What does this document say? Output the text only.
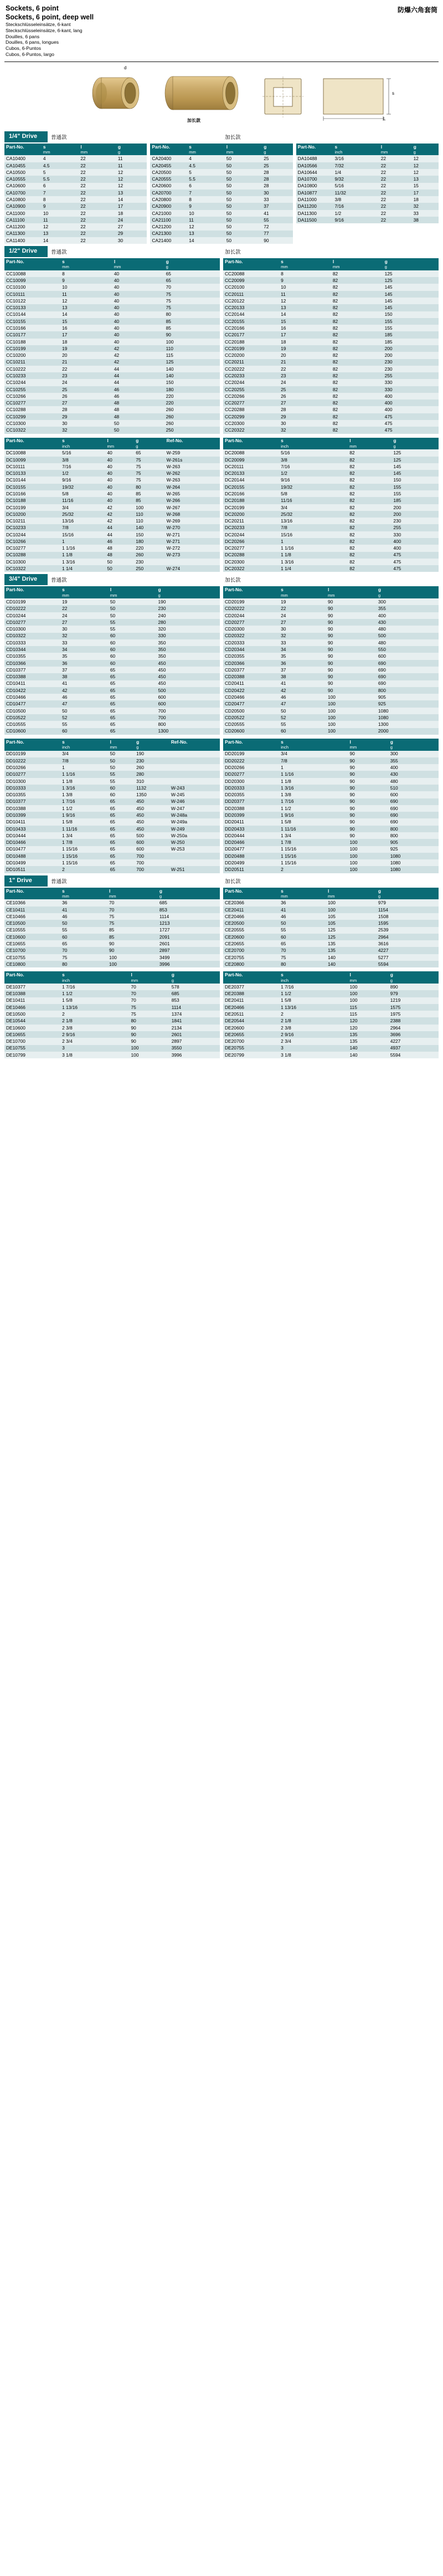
Sockets, 6 point
Sockets, 6 point, deep well
Steckschlüsseleinsätze, 6-kant
Steckschlüsseleinsätze, 6-kant, lang
Douilles, 6 pans
Douilles, 6 pans, longues
Cubos, 6-Puntos
Cubos, 6-Puntos, largo
防爆六角套筒
d
加长款	L
s
1/4" Drive	普通款	加长款
Part-No.	s	l	g
	mm	mm	g
CA10400	4	22	11
CA10455	4.5	22	11
CA10500	5	22	12
CA10555	5.5	22	12
CA10600	6	22	12
CA10700	7	22	13
CA10800	8	22	14
CA10900	9	22	17
CA11000	10	22	18
CA11100	11	22	24
CA11200	12	22	27
CA11300	13	22	29
CA11400	14	22	30
Part-No.	s	l	g
	mm	mm	g
CA20400	4	50	25
CA20455	4.5	50	25
CA20500	5	50	28
CA20555	5.5	50	28
CA20600	6	50	28
CA20700	7	50	30
CA20800	8	50	33
CA20900	9	50	37
CA21000	10	50	41
CA21100	11	50	55
CA21200	12	50	72
CA21300	13	50	77
CA21400	14	50	90
Part-No.	s	l	g
	inch	mm	g
DA10488	3/16	22	12
DA10566	7/32	22	12
DA10644	1/4	22	12
DA10700	9/32	22	13
DA10800	5/16	22	15
DA10877	11/32	22	17
DA11000	3/8	22	18
DA11200	7/16	22	32
DA11300	1/2	22	33
DA11500	9/16	22	38
1/2" Drive	普通款	加长款
Part-No.	s	l	g
	mm	mm	g
CC10088	8	40	65
CC10099	9	40	65
CC10100	10	40	70
CC10111	11	40	75
CC10122	12	40	75
CC10133	13	40	75
CC10144	14	40	80
CC10155	15	40	85
CC10166	16	40	85
CC10177	17	40	90
CC10188	18	40	100
CC10199	19	42	110
CC10200	20	42	115
CC10211	21	42	125
CC10222	22	44	140
CC10233	23	44	140
CC10244	24	44	150
CC10255	25	46	180
CC10266	26	46	220
CC10277	27	48	220
CC10288	28	48	260
CC10299	29	48	260
CC10300	30	50	260
CC10322	32	50	250
Part-No.	s	l	g
	mm	mm	g
CC20088	8	82	125
CC20099	9	82	125
CC20100	10	82	145
CC20111	11	82	145
CC20122	12	82	145
CC20133	13	82	145
CC20144	14	82	150
CC20155	15	82	155
CC20166	16	82	155
CC20177	17	82	185
CC20188	18	82	185
CC20199	19	82	200
CC20200	20	82	200
CC20211	21	82	230
CC20222	22	82	230
CC20233	23	82	255
CC20244	24	82	330
CC20255	25	82	330
CC20266	26	82	400
CC20277	27	82	400
CC20288	28	82	400
CC20299	29	82	475
CC20300	30	82	475
CC20322	32	82	475
Part-No.	s	l	g	Ref-No.
	inch	mm	g	
DC10088	5/16	40	65	W-259
DC10099	3/8	40	75	W-261s
DC10111	7/16	40	75	W-263
DC10133	1/2	40	75	W-262
DC10144	9/16	40	75	W-263
DC10155	19/32	40	80	W-264
DC10166	5/8	40	85	W-265
DC10188	11/16	40	85	W-266
DC10199	3/4	42	100	W-267
DC10200	25/32	42	110	W-268
DC10211	13/16	42	110	W-269
DC10233	7/8	44	140	W-270
DC10244	15/16	44	150	W-271
DC10266	1	46	180	W-271
DC10277	1 1/16	48	220	W-272
DC10288	1 1/8	48	260	W-273
DC10300	1 3/16	50	230	
DC10322	1 1/4	50	250	W-274
Part-No.	s	l	g
	inch	mm	g
DC20088	5/16	82	125
DC20099	3/8	82	125
DC20111	7/16	82	145
DC20133	1/2	82	145
DC20144	9/16	82	150
DC20155	19/32	82	155
DC20166	5/8	82	155
DC20188	11/16	82	185
DC20199	3/4	82	200
DC20200	25/32	82	200
DC20211	13/16	82	230
DC20233	7/8	82	255
DC20244	15/16	82	330
DC20266	1	82	400
DC20277	1 1/16	82	400
DC20288	1 1/8	82	475
DC20300	1 3/16	82	475
DC20322	1 1/4	82	475
3/4" Drive	普通款	加长款
Part-No.	s	l	g
	mm	mm	g
CD10199	19	50	190
CD10222	22	50	230
CD10244	24	50	240
CD10277	27	55	280
CD10300	30	55	320
CD10322	32	60	330
CD10333	33	60	350
CD10344	34	60	350
CD10355	35	60	350
CD10366	36	60	450
CD10377	37	65	450
CD10388	38	65	450
CD10411	41	65	450
CD10422	42	65	500
CD10466	46	65	600
CD10477	47	65	600
CD10500	50	65	700
CD10522	52	65	700
CD10555	55	65	800
CD10600	60	65	1300
Part-No.	s	l	g
	mm	mm	g
CD20199	19	90	300
CD20222	22	90	355
CD20244	24	90	400
CD20277	27	90	430
CD20300	30	90	480
CD20322	32	90	500
CD20333	33	90	480
CD20344	34	90	550
CD20355	35	90	600
CD20366	36	90	690
CD20377	37	90	690
CD20388	38	90	690
CD20411	41	90	690
CD20422	42	90	800
CD20466	46	100	905
CD20477	47	100	925
CD20500	50	100	1080
CD20522	52	100	1080
CD20555	55	100	1300
CD20600	60	100	2000
Part-No.	s	l	g	Ref-No.
	inch	mm	g	
DD10199	3/4	50	190	
DD10222	7/8	50	230	
DD10266	1	50	260	
DD10277	1 1/16	55	280	
DD10300	1 1/8	55	310	
DD10333	1 3/16	60	1132	W-243
DD10355	1 3/8	60	1350	W-245
DD10377	1 7/16	65	450	W-246
DD10388	1 1/2	65	450	W-247
DD10399	1 9/16	65	450	W-248a
DD10411	1 5/8	65	450	W-249a
DD10433	1 11/16	65	450	W-249
DD10444	1 3/4	65	500	W-250a
DD10466	1 7/8	65	600	W-250
DD10477	1 15/16	65	600	W-253
DD10488	1 15/16	65	700	
DD10499	1 15/16	65	700	
DD10511	2	65	700	W-251
Part-No.	s	l	g
	inch	mm	g
DD20199	3/4	90	300
DD20222	7/8	90	355
DD20266	1	90	400
DD20277	1 1/16	90	430
DD20300	1 1/8	90	480
DD20333	1 3/16	90	510
DD20355	1 3/8	90	600
DD20377	1 7/16	90	690
DD20388	1 1/2	90	690
DD20399	1 9/16	90	690
DD20411	1 5/8	90	690
DD20433	1 11/16	90	800
DD20444	1 3/4	90	800
DD20466	1 7/8	100	905
DD20477	1 15/16	100	925
DD20488	1 15/16	100	1080
DD20499	1 15/16	100	1080
DD20511	2	100	1080
1" Drive	普通款	加长款
Part-No.	s	l	g
	mm	mm	g
CE10366	36	70	685
CE10411	41	70	853
CE10466	46	75	1114
CE10500	50	75	1213
CE10555	55	85	1727
CE10600	60	85	2091
CE10655	65	90	2601
CE10700	70	90	2897
CE10755	75	100	3499
CE10800	80	100	3996
Part-No.	s	l	g
	mm	mm	g
CE20366	36	100	979
CE20411	41	100	1154
CE20466	46	105	1508
CE20500	50	105	1595
CE20555	55	125	2539
CE20600	60	125	2964
CE20655	65	135	3616
CE20700	70	135	4227
CE20755	75	140	5277
CE20800	80	140	5594
Part-No.	s	l	g
	inch	mm	g
DE10377	1 7/16	70	578
DE10388	1 1/2	70	685
DE10411	1 5/8	70	853
DE10466	1 13/16	75	1114
DE10500	2	75	1374
DE10544	2 1/8	80	1841
DE10600	2 3/8	90	2134
DE10655	2 9/16	90	2601
DE10700	2 3/4	90	2897
DE10755	3	100	3550
DE10799	3 1/8	100	3996
Part-No.	s	l	g
	inch	mm	g
DE20377	1 7/16	100	890
DE20388	1 1/2	100	979
DE20411	1 5/8	100	1219
DE20466	1 13/16	115	1575
DE20511	2	115	1975
DE20544	2 1/8	120	2388
DE20600	2 3/8	120	2964
DE20655	2 9/16	135	3696
DE20700	2 3/4	135	4227
DE20755	3	140	4937
DE20799	3 1/8	140	5594
